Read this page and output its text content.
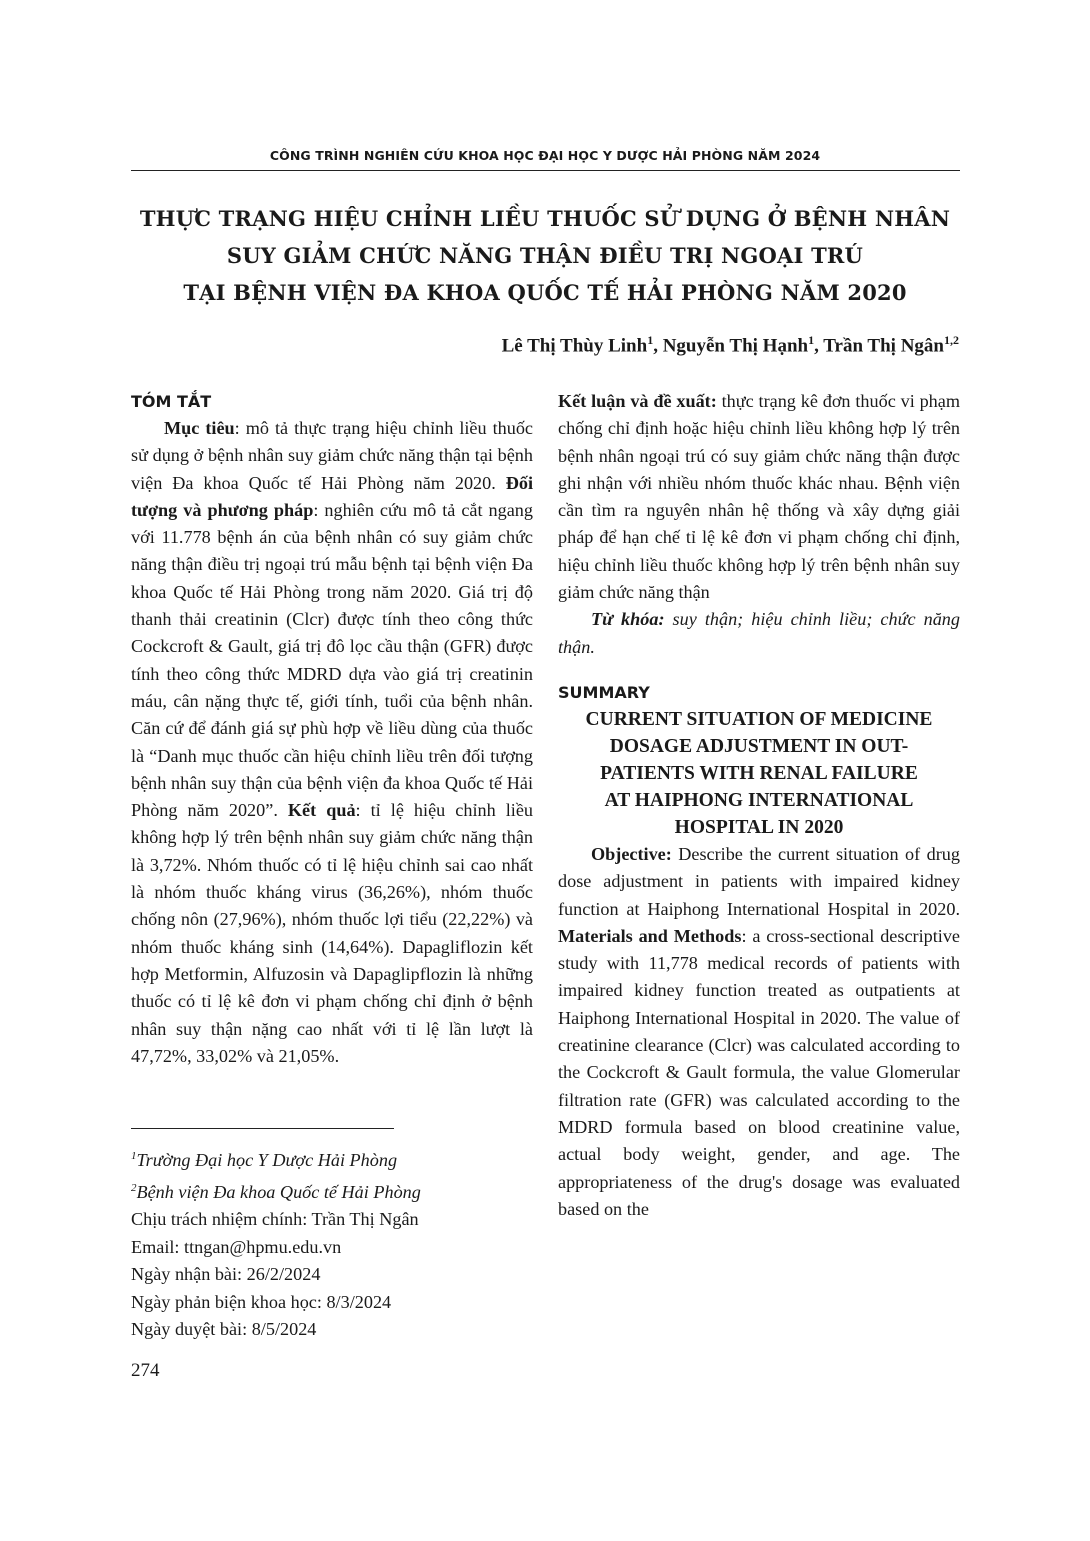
CÔNG TRÌNH NGHIÊN CỨU KHOA HỌC ĐẠI HỌC Y DƯỢC HẢI PHÒNG NĂM 2024
THỰC TRẠNG HIỆU CHỈNH LIỀU THUỐC SỬ DỤNG Ở BỆNH NHÂN
SUY GIẢM CHỨC NĂNG THẬN ĐIỀU TRỊ NGOẠI TRÚ
TẠI BỆNH VIỆN ĐA KHOA QUỐC TẾ HẢI PHÒNG NĂM 2020
Lê Thị Thùy Linh$^1$, Nguyễn Thị Hạnh$^1$, Trần Thị Ngân$^{1,2}$
TÓM TẮT

Mục tiêu: mô tả thực trạng hiệu chỉnh liều thuốc sử dụng ở bệnh nhân suy giảm chức năng thận tại bệnh viện Đa khoa Quốc tế Hải Phòng năm 2020. Đối tượng và phương pháp: nghiên cứu mô tả cắt ngang với 11.778 bệnh án của bệnh nhân có suy giảm chức năng thận điều trị ngoại trú mẫu bệnh tại bệnh viện Đa khoa Quốc tế Hải Phòng trong năm 2020. Giá trị độ thanh thải creatinin (Clcr) được tính theo công thức Cockcroft & Gault, giá trị đô lọc cầu thận (GFR) được tính theo công thức MDRD dựa vào giá trị creatinin máu, cân nặng thực tế, giới tính, tuổi của bệnh nhân. Căn cứ để đánh giá sự phù hợp về liều dùng của thuốc là “Danh mục thuốc cần hiệu chỉnh liều trên đối tượng bệnh nhân suy thận của bệnh viện đa khoa Quốc tế Hải Phòng năm 2020”. Kết quả: tỉ lệ hiệu chỉnh liều không hợp lý trên bệnh nhân suy giảm chức năng thận là 3,72%. Nhóm thuốc có tỉ lệ hiệu chỉnh sai cao nhất là nhóm thuốc kháng virus (36,26%), nhóm thuốc chống nôn (27,96%), nhóm thuốc lợi tiểu (22,22%) và nhóm thuốc kháng sinh (14,64%). Dapagliflozin kết hợp Metformin, Alfuzosin và Dapaglipflozin là những thuốc có tỉ lệ kê đơn vi phạm chống chỉ định ở bệnh nhân suy thận nặng cao nhất với tỉ lệ lần lượt là 47,72%, 33,02% và 21,05%.

Kết luận và đề xuất: thực trạng kê đơn thuốc vi phạm chống chỉ định hoặc hiệu chỉnh liều không hợp lý trên bệnh nhân ngoại trú có suy giảm chức năng thận được ghi nhận với nhiều nhóm thuốc khác nhau. Bệnh viện cần tìm ra nguyên nhân hệ thống và xây dựng giải pháp để hạn chế tỉ lệ kê đơn vi phạm chống chỉ định, hiệu chỉnh liều thuốc không hợp lý trên bệnh nhân suy giảm chức năng thận

Từ khóa: suy thận; hiệu chỉnh liều; chức năng thận.

SUMMARY
CURRENT SITUATION OF MEDICINE
DOSAGE ADJUSTMENT IN OUT-
PATIENTS WITH RENAL FAILURE
AT HAIPHONG INTERNATIONAL
HOSPITAL IN 2020

Objective: Describe the current situation of drug dose adjustment in patients with impaired kidney function at Haiphong International Hospital in 2020. Materials and Methods: a cross-sectional descriptive study with 11,778 medical records of patients with impaired kidney function treated as outpatients at Haiphong International Hospital in 2020. The value of creatinine clearance (Clcr) was calculated according to the Cockcroft & Gault formula, the value Glomerular filtration rate (GFR) was calculated according to the MDRD formula based on blood creatinine value, actual body weight, gender, and age. The appropriateness of the drug's dosage was evaluated based on the

$^1$Trường Đại học Y Dược Hải Phòng
$^2$Bệnh viện Đa khoa Quốc tế Hải Phòng
Chịu trách nhiệm chính: Trần Thị Ngân
Email: ttngan@hpmu.edu.vn
Ngày nhận bài: 26/2/2024
Ngày phản biện khoa học: 8/3/2024
Ngày duyệt bài: 8/5/2024
274
